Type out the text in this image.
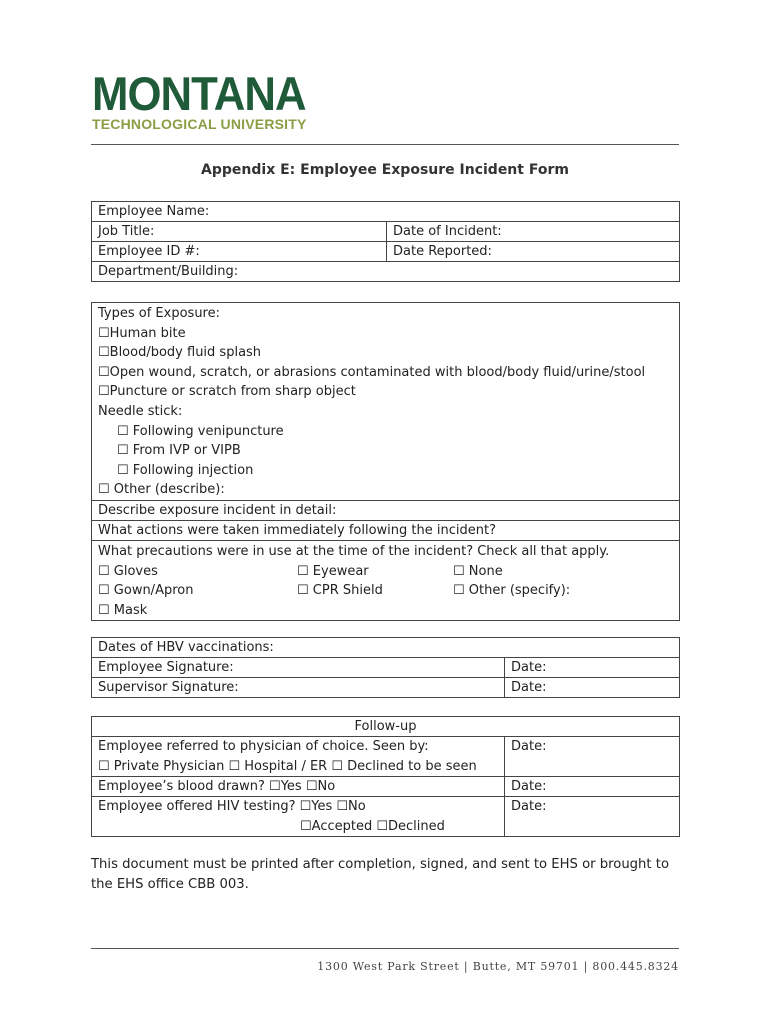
MONTANA
TECHNOLOGICAL UNIVERSITY
Appendix E: Employee Exposure Incident Form
Employee Name:	
Job Title:	Date of Incident:
Employee ID #:	Date Reported:
Department/Building:	
Types of Exposure:
☐Human bite
☐Blood/body fluid splash
☐Open wound, scratch, or abrasions contaminated with blood/body fluid/urine/stool
☐Puncture or scratch from sharp object
Needle stick:
☐ Following venipuncture
☐ From IVP or VIPB
☐ Following injection
☐ Other (describe):

Describe exposure incident in detail:
What actions were taken immediately following the incident?

What precautions were in use at the time of the incident? Check all that apply.
☐ Gloves	☐ Eyewear	☐ None
☐ Gown/Apron	☐ CPR Shield	☐ Other (specify):
☐ Mask
Dates of HBV vaccinations:	
Employee Signature:	Date:
Supervisor Signature:	Date:
Follow-up	

Employee referred to physician of choice. Seen by:
☐ Private Physician ☐ Hospital / ER ☐ Declined to be seen	Date:
Employee’s blood drawn? ☐Yes ☐No	Date:

Employee offered HIV testing? ☐Yes ☐No
☐Accepted ☐Declined	Date:
This document must be printed after completion, signed, and sent to EHS or brought to the EHS office CBB 003.
1300 West Park Street | Butte, MT 59701 | 800.445.8324
